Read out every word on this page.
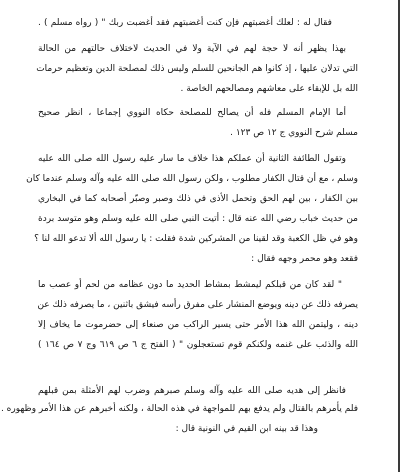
فقال له : لعلك أغضبتهم فإن كنت أغضبتهم فقد أغضبت ربك " ( رواه مسلم ) .
بهذا يظهر أنه لا حجة لهم في الآية ولا في الحديث لاختلاف حالتهم من الحالة
التي تدلان عليها ، إذ كانوا هم الجانحين للسلم وليس ذلك لمصلحة الدين وتعظيم حرمات
الله بل للإبقاء على معاشهم ومصالحهم الخاصة .
أما الإمام المسلم فله أن يصالح للمصلحة حكاه النووي إجماعا ، انظر صحيح
مسلم شرح النووي ج ١٢ ص ١٢٣ .
وتقول الطائفة الثانية أن عملكم هذا خلاف ما سار عليه رسول الله صلى الله عليه
وسلم ، مع أن قتال الكفار مطلوب ، ولكن رسول الله صلى الله عليه وآله وسلم عندما كان
بين الكفار ، بين لهم الحق وتحمل الأذى في ذلك وصبر وصبّر أصحابه كما في البخاري
من حديث خباب رضي الله عنه قال : أتيت النبي صلى الله عليه وسلم وهو متوسد بردة
وهو في ظل الكعبة وقد لقينا من المشركين شدة فقلت : يا رسول الله ألا تدعو الله لنا ؟
فقعد وهو محمر وجهه فقال :
" لقد كان من قبلكم ليمشط بمشاط الحديد ما دون عظامه من لحم أو عصب ما
يصرفه ذلك عن دينه ويوضع المنشار على مفرق رأسه فيشق باثنين ، ما يصرفه ذلك عن
دينه ، وليتمن الله هذا الأمر حتى يسير الراكب من صنعاء إلى حضرموت ما يخاف إلا
الله والذئب على غنمه ولكنكم قوم تستعجلون " ( الفتح ج ٦ ص ٦١٩ وج ٧ ص ١٦٤ )
فانظر إلى هديه صلى الله عليه وآله وسلم صبرهم وضرب لهم الأمثلة بمن قبلهم
فلم يأمرهم بالقتال ولم يدفع بهم للمواجهة في هذه الحالة ، ولكنه أخبرهم عن هذا الأمر وظهوره .
وهذا قد بينه ابن القيم في النونية قال :
